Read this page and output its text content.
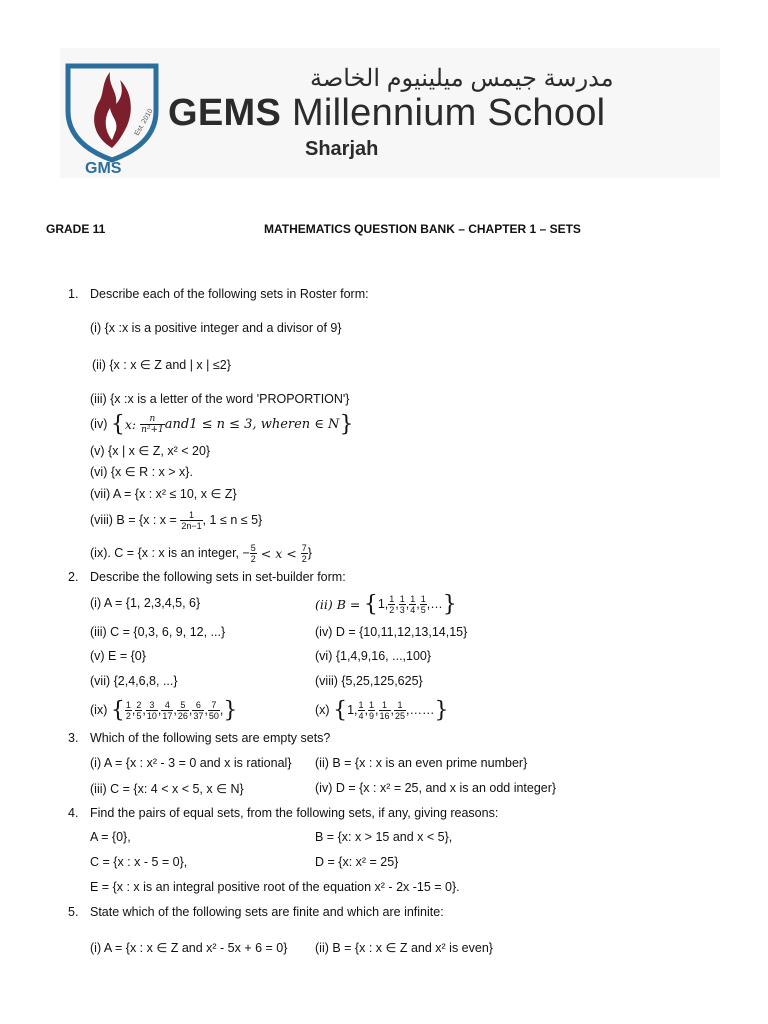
Est. 2010
GMS
مدرسة جيمس ميلينيوم الخاصة
GEMS Millennium School
Sharjah
GRADE 11	MATHEMATICS QUESTION BANK – CHAPTER 1 – SETS
1. Describe each of the following sets in Roster form:
(i) {x :x is a positive integer and a divisor of 9}
(ii) {x : x ∈ Z and | x | ≤2}
(iii) {x :x is a letter of the word 'PROPORTION'}
(iv)
{ x: $\frac{n}{\text{n²+1}} and1 \le n \le 3$, wheren ∈ N }
(v) {x | x ∈ Z, x² < 20}
(vi) {x ∈ R : x > x}.
(vii) A = {x : x² ≤ 10, x ∈ Z}
(viii) B = {x : x =
$\frac{1}{2n-1}$ , 1 ≤ n ≤ 5}
(ix). C = {x : x is an integer, − $\frac{5}{2} < x < \frac{7}{2}$ }
2. Describe the following sets in set-builder form:
(i) A = {1, 2,3,4,5, 6}	(ii) B =
{ 1, $\frac{1}{2}$ , $\frac{1}{3}$ , $\frac{1}{4}$ , $\frac{1}{5}$ , … }
(iii) C = {0,3, 6, 9, 12, ...}	(iv) D = {10,11,12,13,14,15}
(v) E = {0}	(vi) {1,4,9,16, ...,100}
(vii) {2,4,6,8, ...}	(viii) {5,25,125,625}
(ix)
{ $\frac{1}{2}$ , $\frac{2}{5}$ , $\frac{3}{10}$ , $\frac{4}{17}$ , $\frac{5}{26}$ , $\frac{6}{37}$ , $\frac{7}{50}$ , }	(x)
{ 1, $\frac{1}{4}$ , $\frac{1}{9}$ , $\frac{1}{16}$ , $\frac{1}{25}$ , …… }
3. Which of the following sets are empty sets?
(i) A = {x : x² - 3 = 0 and x is rational} (ii) B = {x : x is an even prime number}
(iii) C = {x: 4 < x < 5, x ∈ N}	(iv) D = {x : x² = 25, and x is an odd integer}
4. Find the pairs of equal sets, from the following sets, if any, giving reasons:
A = {0},	B = {x: x > 15 and x < 5},
C = {x : x - 5 = 0},	D = {x: x² = 25}
E = {x : x is an integral positive root of the equation x² - 2x -15 = 0}.
5. State which of the following sets are finite and which are infinite:
(i) A = {x : x ∈ Z and x² - 5x + 6 = 0} (ii) B = {x : x ∈ Z and x² is even}
